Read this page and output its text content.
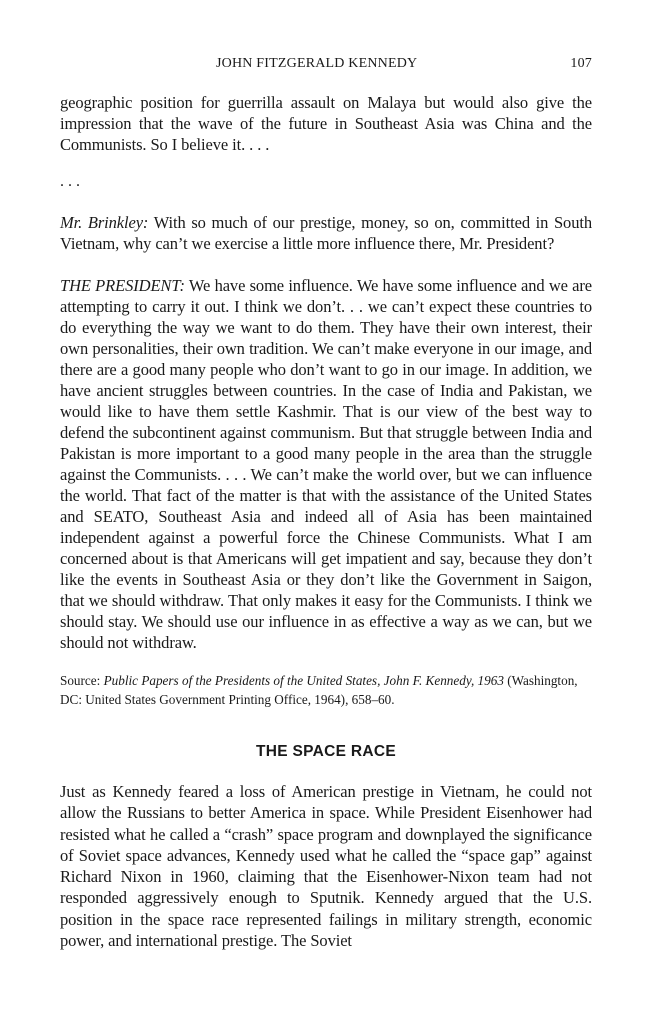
JOHN FITZGERALD KENNEDY	107

geographic position for guerrilla assault on Malaya but would also give the impression that the wave of the future in Southeast Asia was China and the Communists. So I believe it. . . .

. . .

Mr. Brinkley: With so much of our prestige, money, so on, committed in South Vietnam, why can’t we exercise a little more influence there, Mr. President?

THE PRESIDENT: We have some influence. We have some influence and we are attempting to carry it out. I think we don’t. . . we can’t expect these countries to do everything the way we want to do them. They have their own interest, their own personalities, their own tradition. We can’t make everyone in our image, and there are a good many people who don’t want to go in our image. In addition, we have ancient struggles between countries. In the case of India and Pakistan, we would like to have them settle Kashmir. That is our view of the best way to defend the subcontinent against communism. But that struggle between India and Pakistan is more important to a good many people in the area than the struggle against the Communists. . . . We can’t make the world over, but we can influence the world. That fact of the matter is that with the assistance of the United States and SEATO, Southeast Asia and indeed all of Asia has been maintained independent against a powerful force the Chinese Communists. What I am concerned about is that Americans will get impatient and say, because they don’t like the events in Southeast Asia or they don’t like the Government in Saigon, that we should withdraw. That only makes it easy for the Communists. I think we should stay. We should use our influence in as effective a way as we can, but we should not withdraw.

Source: Public Papers of the Presidents of the United States, John F. Kennedy, 1963 (Washington, DC: United States Government Printing Office, 1964), 658–60.

THE SPACE RACE

Just as Kennedy feared a loss of American prestige in Vietnam, he could not allow the Russians to better America in space. While President Eisenhower had resisted what he called a “crash” space program and downplayed the significance of Soviet space advances, Kennedy used what he called the “space gap” against Richard Nixon in 1960, claiming that the Eisenhower-Nixon team had not responded aggressively enough to Sputnik. Kennedy argued that the U.S. position in the space race represented failings in military strength, economic power, and international prestige. The Soviet
